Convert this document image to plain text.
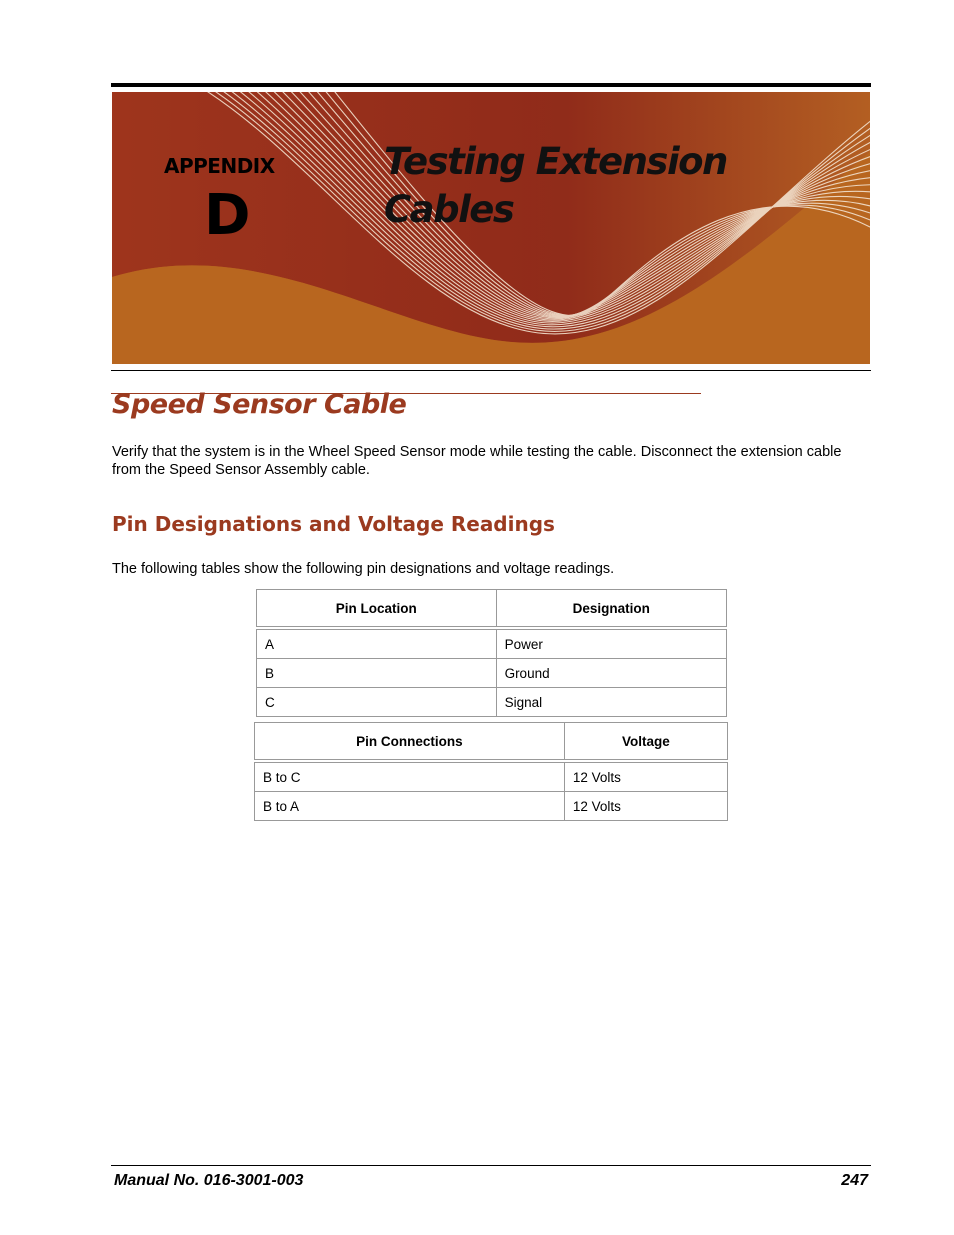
APPENDIX
D
Testing Extension
Cables
Speed Sensor Cable
Verify that the system is in the Wheel Speed Sensor mode while testing the cable. Disconnect the extension cable from the Speed Sensor Assembly cable.
Pin Designations and Voltage Readings
The following tables show the following pin designations and voltage readings.
Pin Location	Designation
A	Power
B	Ground
C	Signal
Pin Connections	Voltage
B to C	12 Volts
B to A	12 Volts
Manual No. 016-3001-003	247
